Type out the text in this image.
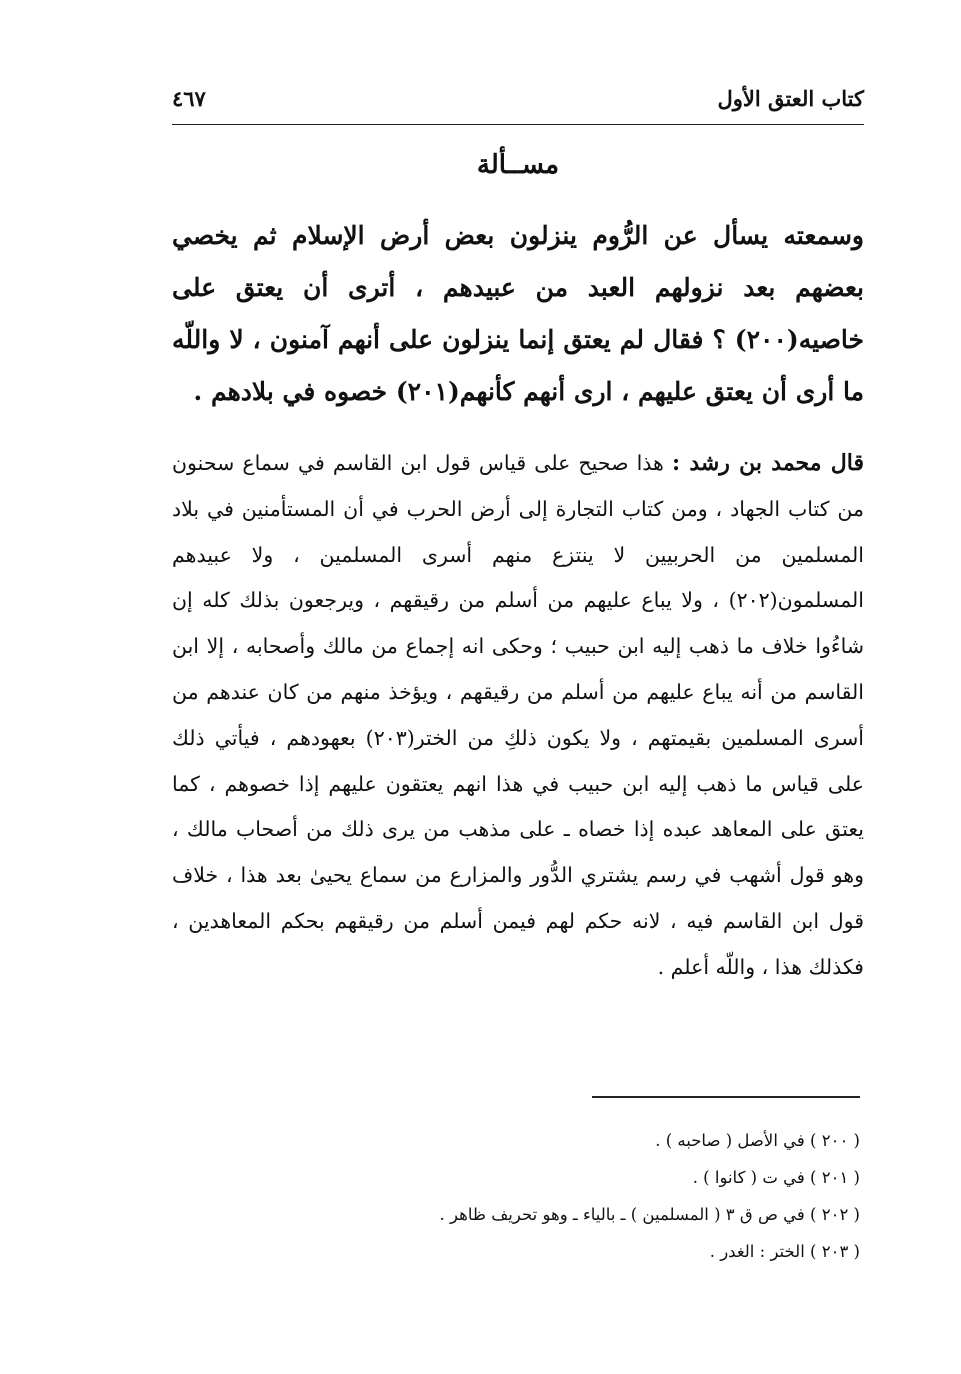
كتاب العتق الأول
٤٦٧
مســألة
وسمعته يسأل عن الرُّوم ينزلون بعض أرض الإسلام ثم يخصي بعضهم بعد نزولهم العبد من عبيدهم ، أترى أن يعتق على خاصيه(٢٠٠) ؟ فقال لم يعتق إنما ينزلون على أنهم آمنون ، لا واللّه ما أرى أن يعتق عليهم ، ارى أنهم كأنهم(٢٠١) خصوه في بلادهم .
قال محمد بن رشد : هذا صحيح على قياس قول ابن القاسم في سماع سحنون من كتاب الجهاد ، ومن كتاب التجارة إلى أرض الحرب في أن المستأمنين في بلاد المسلمين من الحربيين لا ينتزع منهم أسرى المسلمين ، ولا عبيدهم المسلمون(٢٠٢) ، ولا يباع عليهم من أسلم من رقيقهم ، ويرجعون بذلك كله إن شاءُوا خلاف ما ذهب إليه ابن حبيب ؛ وحكى انه إجماع من مالك وأصحابه ، إلا ابن القاسم من أنه يباع عليهم من أسلم من رقيقهم ، ويؤخذ منهم من كان عندهم من أسرى المسلمين بقيمتهم ، ولا يكون ذلكِ من الختر(٢٠٣) بعهودهم ، فيأتي ذلك على قياس ما ذهب إليه ابن حبيب في هذا انهم يعتقون عليهم إذا خصوهم ، كما يعتق على المعاهد عبده إذا خصاه ـ على مذهب من يرى ذلك من أصحاب مالك ، وهو قول أشهب في رسم يشتري الدُّور والمزارع من سماع يحيىٰ بعد هذا ، خلاف قول ابن القاسم فيه ، لانه حكم لهم فيمن أسلم من رقيقهم بحكم المعاهدين ، فكذلك هذا ، واللّه أعلم .
( ٢٠٠ ) في الأصل ( صاحبه ) .
( ٢٠١ ) في ت ( كانوا ) .
( ٢٠٢ ) في ص ق ٣ ( المسلمين ) ـ بالياء ـ وهو تحريف ظاهر .
( ٢٠٣ ) الختر : الغدر .
